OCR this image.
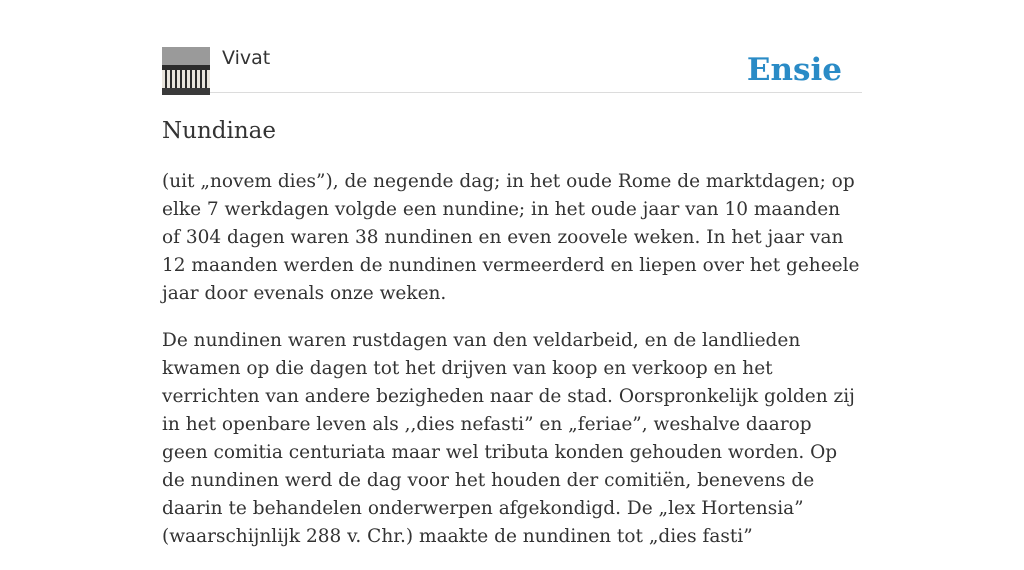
Vivat	Ensie
Nundinae

(uit „novem dies”), de negende dag; in het oude Rome de marktdagen; op elke 7 werkdagen volgde een nundine; in het oude jaar van 10 maanden of 304 dagen waren 38 nundinen en even zoovele weken. In het jaar van 12 maanden werden de nundinen vermeerderd en liepen over het geheele jaar door evenals onze weken.

De nundinen waren rustdagen van den veldarbeid, en de landlieden kwamen op die dagen tot het drijven van koop en verkoop en het verrichten van andere bezigheden naar de stad. Oorspronkelijk golden zij in het openbare leven als ,,dies nefasti” en „feriae”, weshalve daarop geen comitia centuriata maar wel tributa konden gehouden worden. Op de nundinen werd de dag voor het houden der comitiën, benevens de daarin te behandelen onderwerpen afgekondigd. De „lex Hortensia” (waarschijnlijk 288 v. Chr.) maakte de nundinen tot „dies fasti”
